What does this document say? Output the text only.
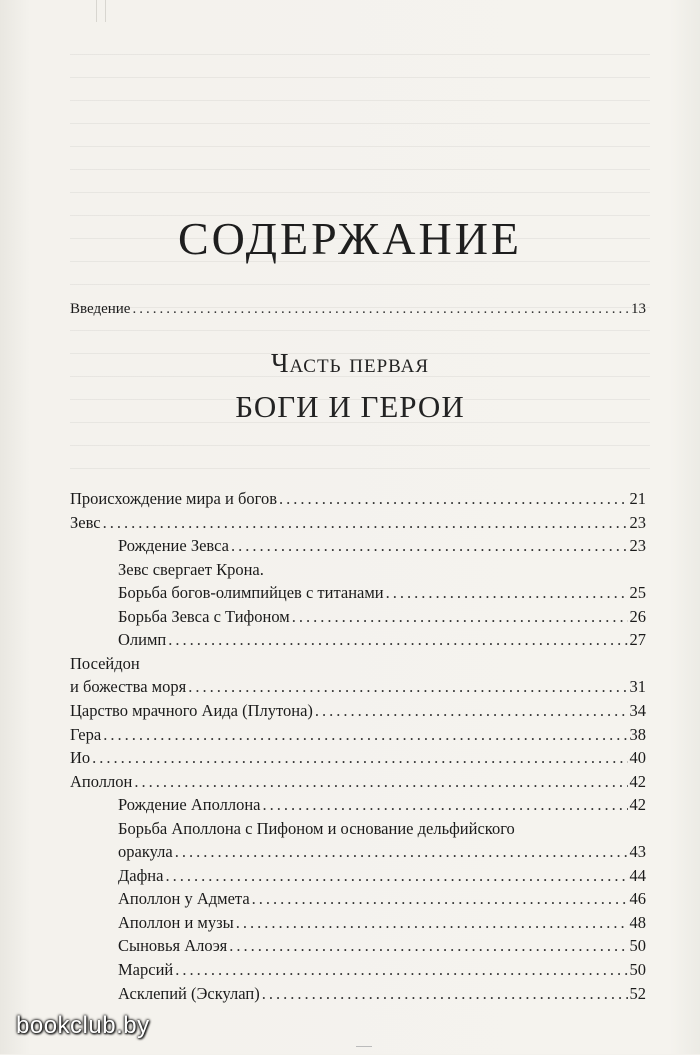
СОДЕРЖАНИЕ
Введение .....	13
Часть первая
БОГИ И ГЕРОИ
Происхождение мира и богов .....	21
Зевс .....	23
Рождение Зевса .....	23
Зевс свергает Крона.
Борьба богов-олимпийцев с титанами .....	25
Борьба Зевса с Тифоном .....	26
Олимп .....	27
Посейдон
и божества моря .....	31
Царство мрачного Аида (Плутона) .....	34
Гера .....	38
Ио .....	40
Аполлон .....	42
Рождение Аполлона .....	42
Борьба Аполлона с Пифоном и основание дельфийского
оракула .....	43
Дафна .....	44
Аполлон у Адмета .....	46
Аполлон и музы .....	48
Сыновья Алоэя .....	50
Марсий .....	50
Асклепий (Эскулап) .....	52
bookclub.by
